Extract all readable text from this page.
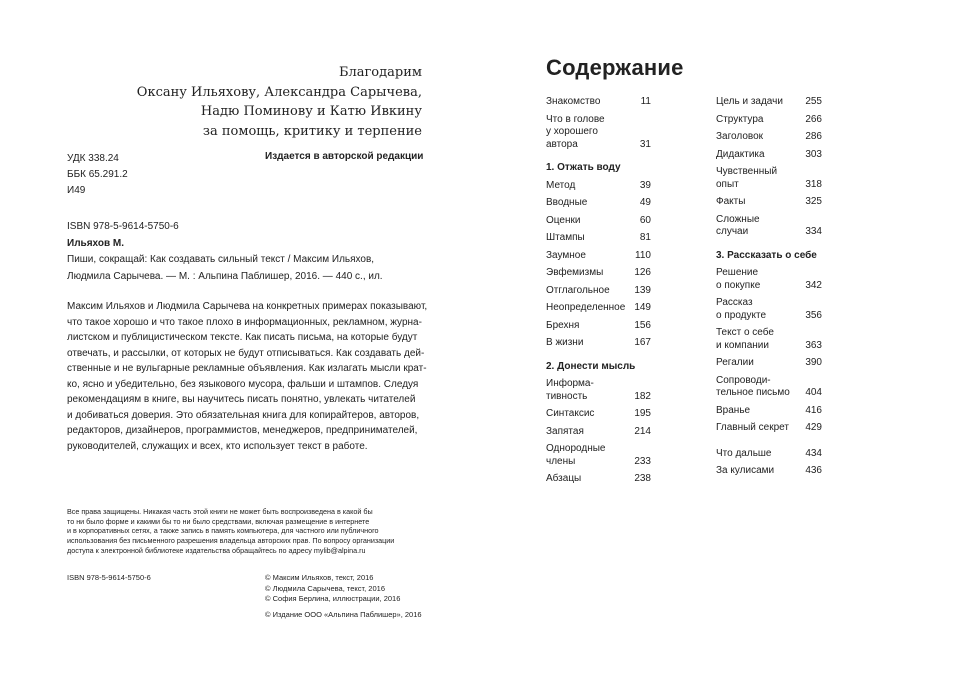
Благодарим
Оксану Ильяхову, Александра Сарычева,
Надю Поминову и Катю Ивкину
за помощь, критику и терпение
УДК 338.24
ББК 65.291.2
И49
Издается в авторской редакции
ISBN 978-5-9614-5750-6
Ильяхов М.
Пиши, сокращай: Как создавать сильный текст / Максим Ильяхов,
Людмила Сарычева. — М. : Альпина Паблишер, 2016. — 440 с., ил.
Максим Ильяхов и Людмила Сарычева на конкретных примерах показывают,
что такое хорошо и что такое плохо в информационных, рекламном, журна-
листском и публицистическом тексте. Как писать письма, на которые будут
отвечать, и рассылки, от которых не будут отписываться. Как создавать дей-
ственные и не вульгарные рекламные объявления. Как излагать мысли крат-
ко, ясно и убедительно, без языкового мусора, фальши и штампов. Следуя
рекомендациям в книге, вы научитесь писать понятно, увлекать читателей
и добиваться доверия. Это обязательная книга для копирайтеров, авторов,
редакторов, дизайнеров, программистов, менеджеров, предпринимателей,
руководителей, служащих и всех, кто использует текст в работе.
Все права защищены. Никакая часть этой книги не может быть воспроизведена в какой бы
то ни было форме и какими бы то ни было средствами, включая размещение в интернете
и в корпоративных сетях, а также запись в память компьютера, для частного или публичного
использования без письменного разрешения владельца авторских прав. По вопросу организации
доступа к электронной библиотеке издательства обращайтесь по адресу mylib@alpina.ru
ISBN 978-5-9614-5750-6	© Максим Ильяхов, текст, 2016
© Людмила Сарычева, текст, 2016
© София Берлина, иллюстрации, 2016
© Издание ООО «Альпина Паблишер», 2016
Содержание
Знакомство	11
Что в голове
у хорошего
автора	31
1. Отжать воду
Метод	39
Вводные	49
Оценки	60
Штампы	81
Заумное	110
Эвфемизмы	126
Отглагольное	139
Неопределенное 149
Брехня	156
В жизни	167
2. Донести мысль
Информа-
тивность	182
Синтаксис	195
Запятая	214
Однородные
члены	233
Абзацы	238
Цель и задачи	255
Структура	266
Заголовок	286
Дидактика	303
Чувственный
опыт	318
Факты	325
Сложные случаи	334
3. Рассказать о себе
Решение
о покупке	342
Рассказ
о продукте	356
Текст о себе
и компании	363
Регалии	390
Сопроводи-
тельное письмо	404
Вранье	416
Главный секрет	429
Что дальше	434
За кулисами	436
